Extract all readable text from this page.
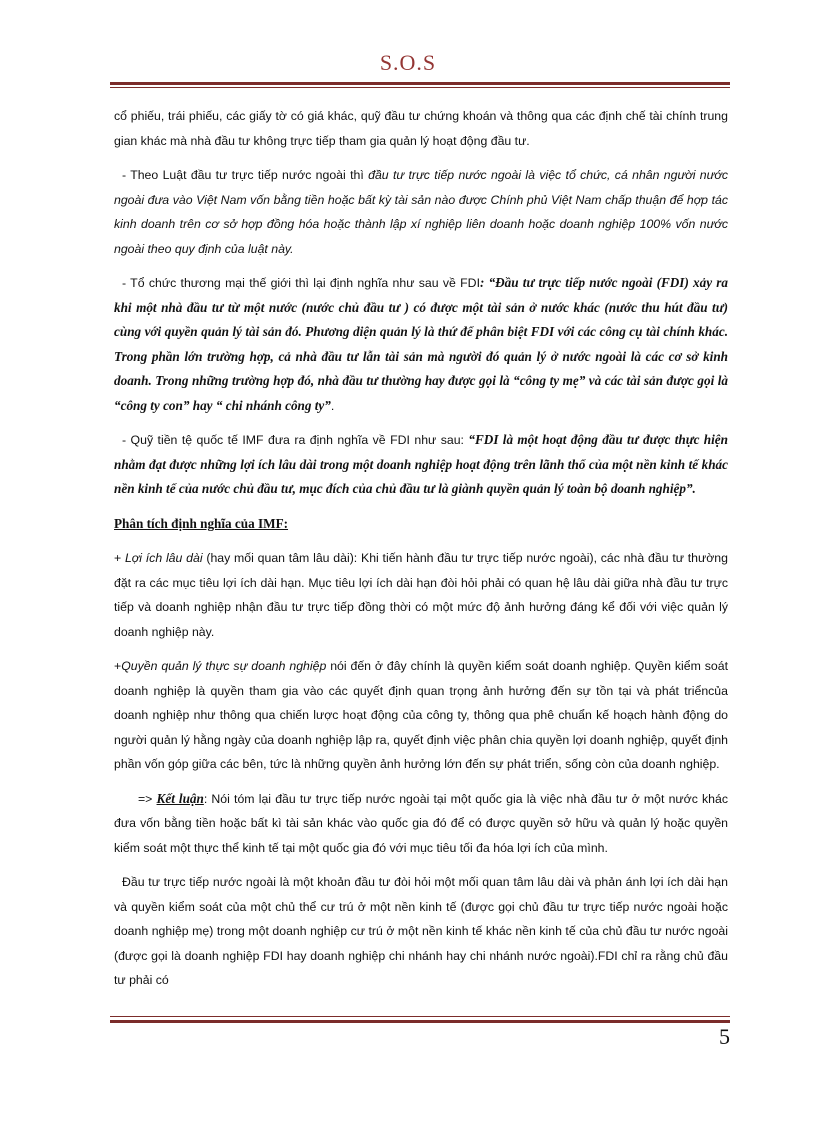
S.O.S

cổ phiếu, trái phiếu, các giấy tờ có giá khác, quỹ đầu tư chứng khoán và thông qua các định chế tài chính trung gian khác mà nhà đầu tư không trực tiếp tham gia quản lý hoạt động đầu tư.

- Theo Luật đầu tư trực tiếp nước ngoài thì đầu tư trực tiếp nước ngoài là việc tổ chức, cá nhân người nước ngoài đưa vào Việt Nam vốn bằng tiền hoặc bất kỳ tài sản nào được Chính phủ Việt Nam chấp thuận để hợp tác kinh doanh trên cơ sở hợp đồng hóa hoặc thành lập xí nghiệp liên doanh hoặc doanh nghiệp 100% vốn nước ngoài theo quy định của luật này.

- Tổ chức thương mại thế giới thì lại định nghĩa như sau về FDI: “Đầu tư trực tiếp nước ngoài (FDI) xảy ra khi một nhà đầu tư từ một nước (nước chủ đầu tư ) có được một tài sản ở nước khác (nước thu hút đầu tư) cùng với quyền quản lý tài sản đó. Phương diện quản lý là thứ để phân biệt FDI với các công cụ tài chính khác. Trong phần lớn trường hợp, cả nhà đầu tư lẫn tài sản mà người đó quản lý ở nước ngoài là các cơ sở kinh doanh. Trong những trường hợp đó, nhà đầu tư thường hay được gọi là “công ty mẹ” và các tài sản được gọi là “công ty con” hay “ chi nhánh công ty”.

- Quỹ tiền tệ quốc tế IMF đưa ra định nghĩa về FDI như sau: “FDI là một hoạt động đầu tư được thực hiện nhằm đạt được những lợi ích lâu dài trong một doanh nghiệp hoạt động trên lãnh thổ của một nền kinh tế khác nền kinh tế của nước chủ đầu tư, mục đích của chủ đầu tư là giành quyền quản lý toàn bộ doanh nghiệp”.

Phân tích định nghĩa của IMF:

+ Lợi ích lâu dài (hay mối quan tâm lâu dài): Khi tiến hành đầu tư trực tiếp nước ngoài), các nhà đầu tư thường đặt ra các mục tiêu lợi ích dài hạn. Mục tiêu lợi ích dài hạn đòi hỏi phải có quan hệ lâu dài giữa nhà đầu tư trực tiếp và doanh nghiệp nhận đầu tư trực tiếp đồng thời có một mức độ ảnh hưởng đáng kể đối với việc quản lý doanh nghiệp này.

+Quyền quản lý thực sự doanh nghiệp nói đến ở đây chính là quyền kiểm soát doanh nghiệp. Quyền kiểm soát doanh nghiệp là quyền tham gia vào các quyết định quan trọng ảnh hưởng đến sự tồn tại và phát triểncủa doanh nghiệp như thông qua chiến lược hoạt động của công ty, thông qua phê chuẩn kế hoạch hành động do người quản lý hằng ngày của doanh nghiệp lập ra, quyết định việc phân chia quyền lợi doanh nghiệp, quyết định phần vốn góp giữa các bên, tức là những quyền ảnh hưởng lớn đến sự phát triển, sống còn của doanh nghiệp.

=> Kết luận: Nói tóm lại đầu tư trực tiếp nước ngoài tại một quốc gia là việc nhà đầu tư ở một nước khác đưa vốn bằng tiền hoặc bất kì tài sản khác vào quốc gia đó để có được quyền sở hữu và quản lý hoặc quyền kiểm soát một thực thể kinh tế tại một quốc gia đó với mục tiêu tối đa hóa lợi ích của mình.

Đầu tư trực tiếp nước ngoài là một khoản đầu tư đòi hỏi một mối quan tâm lâu dài và phản ánh lợi ích dài hạn và quyền kiểm soát của một chủ thể cư trú ở một nền kinh tế (được gọi chủ đầu tư trực tiếp nước ngoài hoặc doanh nghiệp mẹ) trong một doanh nghiệp cư trú ở một nền kinh tế khác nền kinh tế của chủ đầu tư nước ngoài (được gọi là doanh nghiệp FDI hay doanh nghiệp chi nhánh hay chi nhánh nước ngoài).FDI chỉ ra rằng chủ đầu tư phải có

5
